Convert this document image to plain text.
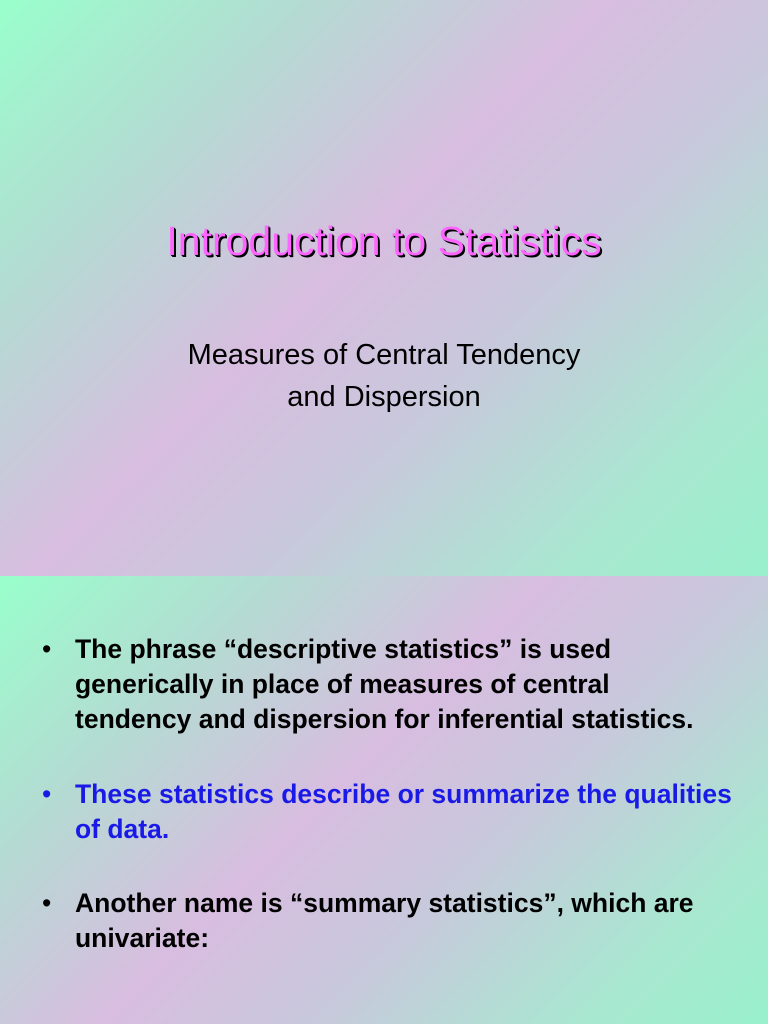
Introduction to Statistics
Measures of Central Tendency
and Dispersion
• The phrase “descriptive statistics” is used generically in place of measures of central tendency and dispersion for inferential statistics.
• These statistics describe or summarize the qualities of data.
• Another name is “summary statistics”, which are univariate:
